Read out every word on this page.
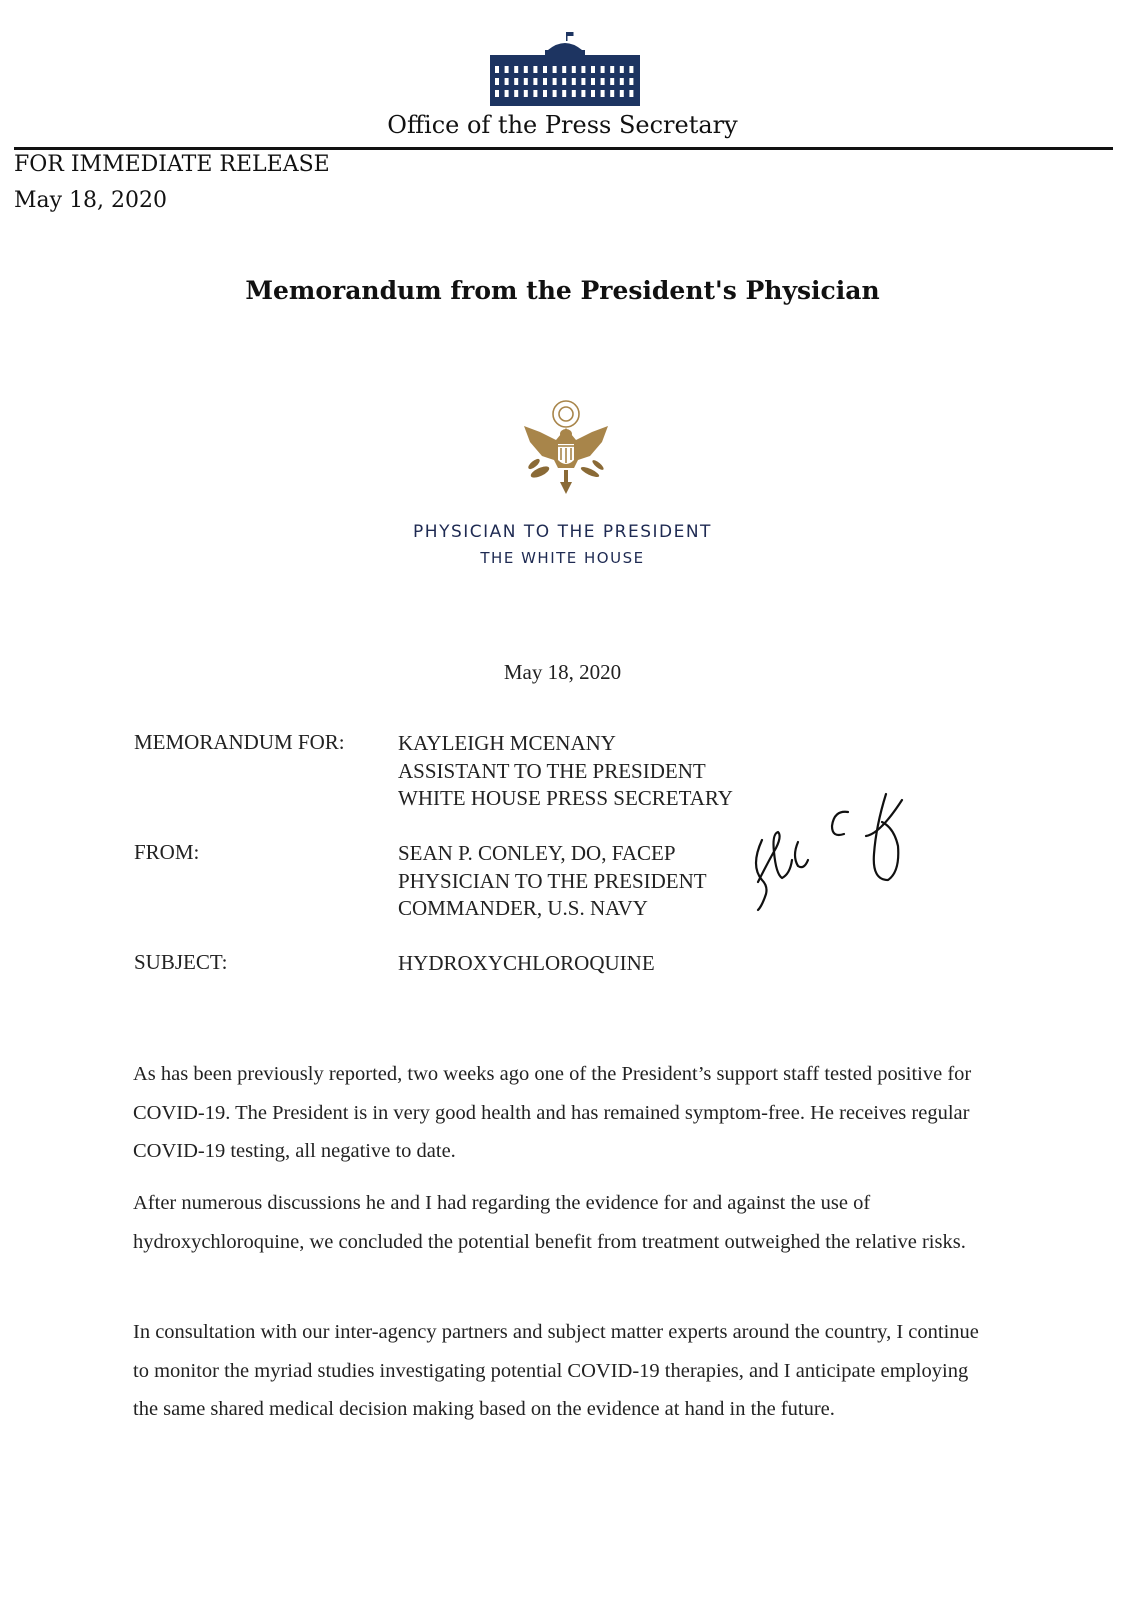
Office of the Press Secretary
FOR IMMEDIATE RELEASE
May 18, 2020
Memorandum from the President's Physician
PHYSICIAN TO THE PRESIDENT
THE WHITE HOUSE
May 18, 2020
MEMORANDUM FOR:	KAYLEIGH MCENANY
ASSISTANT TO THE PRESIDENT
WHITE HOUSE PRESS SECRETARY
FROM:	SEAN P. CONLEY, DO, FACEP
PHYSICIAN TO THE PRESIDENT
COMMANDER, U.S. NAVY
SUBJECT:	HYDROXYCHLOROQUINE
As has been previously reported, two weeks ago one of the President’s support staff tested positive for COVID-19. The President is in very good health and has remained symptom-free. He receives regular COVID-19 testing, all negative to date.
After numerous discussions he and I had regarding the evidence for and against the use of hydroxychloroquine, we concluded the potential benefit from treatment outweighed the relative risks.
In consultation with our inter-agency partners and subject matter experts around the country, I continue to monitor the myriad studies investigating potential COVID-19 therapies, and I anticipate employing the same shared medical decision making based on the evidence at hand in the future.
